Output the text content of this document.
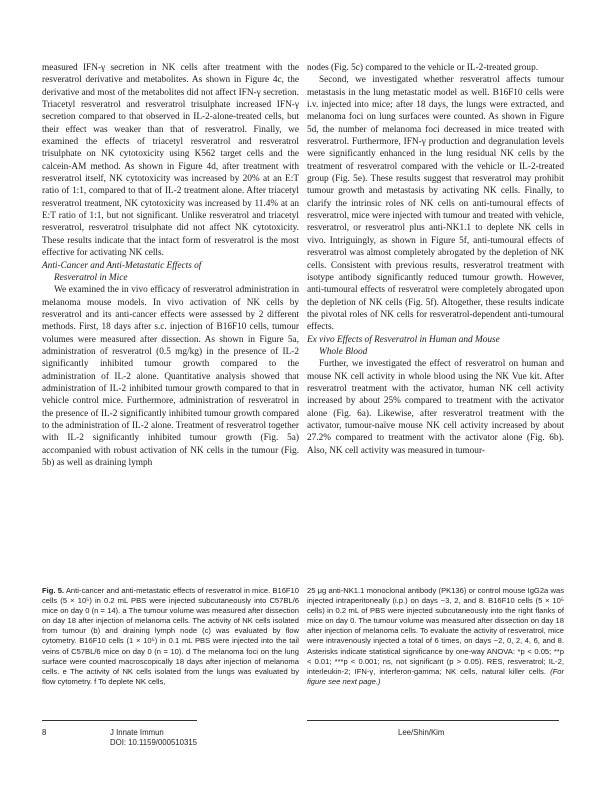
measured IFN-γ secretion in NK cells after treatment with the resveratrol derivative and metabolites. As shown in Figure 4c, the derivative and most of the metabolites did not affect IFN-γ secretion. Triacetyl resveratrol and resveratrol trisulphate increased IFN-γ secretion compared to that observed in IL-2-alone-treated cells, but their effect was weaker than that of resveratrol. Finally, we examined the effects of triacetyl resveratrol and resveratrol trisulphate on NK cytotoxicity using K562 target cells and the calcein-AM method. As shown in Figure 4d, after treatment with resveratrol itself, NK cytotoxicity was increased by 20% at an E:T ratio of 1:1, compared to that of IL-2 treatment alone. After triacetyl resveratrol treatment, NK cytotoxicity was increased by 11.4% at an E:T ratio of 1:1, but not significant. Unlike resveratrol and triacetyl resveratrol, resveratrol trisulphate did not affect NK cytotoxicity. These results indicate that the intact form of resveratrol is the most effective for activating NK cells.

Anti-Cancer and Anti-Metastatic Effects of

Resveratrol in Mice

We examined the in vivo efficacy of resveratrol administration in melanoma mouse models. In vivo activation of NK cells by resveratrol and its anti-cancer effects were assessed by 2 different methods. First, 18 days after s.c. injection of B16F10 cells, tumour volumes were measured after dissection. As shown in Figure 5a, administration of resveratrol (0.5 mg/kg) in the presence of IL-2 significantly inhibited tumour growth compared to the administration of IL-2 alone. Quantitative analysis showed that administration of IL-2 inhibited tumour growth compared to that in vehicle control mice. Furthermore, administration of resveratrol in the presence of IL-2 significantly inhibited tumour growth compared to the administration of IL-2 alone. Treatment of resveratrol together with IL-2 significantly inhibited tumour growth (Fig. 5a) accompanied with robust activation of NK cells in the tumour (Fig. 5b) as well as draining lymph

nodes (Fig. 5c) compared to the vehicle or IL-2-treated group.

Second, we investigated whether resveratrol affects tumour metastasis in the lung metastatic model as well. B16F10 cells were i.v. injected into mice; after 18 days, the lungs were extracted, and melanoma foci on lung surfaces were counted. As shown in Figure 5d, the number of melanoma foci decreased in mice treated with resveratrol. Furthermore, IFN-γ production and degranulation levels were significantly enhanced in the lung residual NK cells by the treatment of resveratrol compared with the vehicle or IL-2-treated group (Fig. 5e). These results suggest that resveratrol may prohibit tumour growth and metastasis by activating NK cells. Finally, to clarify the intrinsic roles of NK cells on anti-tumoural effects of resveratrol, mice were injected with tumour and treated with vehicle, resveratrol, or resveratrol plus anti-NK1.1 to deplete NK cells in vivo. Intriguingly, as shown in Figure 5f, anti-tumoural effects of resveratrol was almost completely abrogated by the depletion of NK cells. Consistent with previous results, resveratrol treatment with isotype antibody significantly reduced tumour growth. However, anti-tumoural effects of resveratrol were completely abrogated upon the depletion of NK cells (Fig. 5f). Altogether, these results indicate the pivotal roles of NK cells for resveratrol-dependent anti-tumoural effects.

Ex vivo Effects of Resveratrol in Human and Mouse

Whole Blood

Further, we investigated the effect of resveratrol on human and mouse NK cell activity in whole blood using the NK Vue kit. After resveratrol treatment with the activator, human NK cell activity increased by about 25% compared to treatment with the activator alone (Fig. 6a). Likewise, after resveratrol treatment with the activator, tumour-naïve mouse NK cell activity increased by about 27.2% compared to treatment with the activator alone (Fig. 6b). Also, NK cell activity was measured in tumour-

Fig. 5. Anti-cancer and anti-metastatic effects of resveratrol in mice. B16F10 cells (5 × 10⁵) in 0.2 mL PBS were injected subcutaneously into C57BL/6 mice on day 0 (n = 14). a The tumour volume was measured after dissection on day 18 after injection of melanoma cells. The activity of NK cells isolated from tumour (b) and draining lymph node (c) was evaluated by flow cytometry. B16F10 cells (1 × 10⁵) in 0.1 mL PBS were injected into the tail veins of C57BL/6 mice on day 0 (n = 10). d The melanoma foci on the lung surface were counted macroscopically 18 days after injection of melanoma cells. e The activity of NK cells isolated from the lungs was evaluated by flow cytometry. f To deplete NK cells,

25 μg anti-NK1.1 monoclonal antibody (PK136) or control mouse IgG2a was injected intraperitoneally (i.p.) on days −3, 2, and 8. B16F10 cells (5 × 10⁵ cells) in 0.2 mL of PBS were injected subcutaneously into the right flanks of mice on day 0. The tumour volume was measured after dissection on day 18 after injection of melanoma cells. To evaluate the activity of resveratrol, mice were intravenously injected a total of 6 times, on days −2, 0, 2, 4, 6, and 8. Asterisks indicate statistical significance by one-way ANOVA: *p < 0.05; **p < 0.01; ***p < 0.001; ns, not significant (p > 0.05). RES, resveratrol; IL-2, interleukin-2; IFN-γ, interferon-gamma; NK cells, natural killer cells. (For figure see next page.)

8	J Innate Immun
DOI: 10.1159/000510315
Lee/Shin/Kim
